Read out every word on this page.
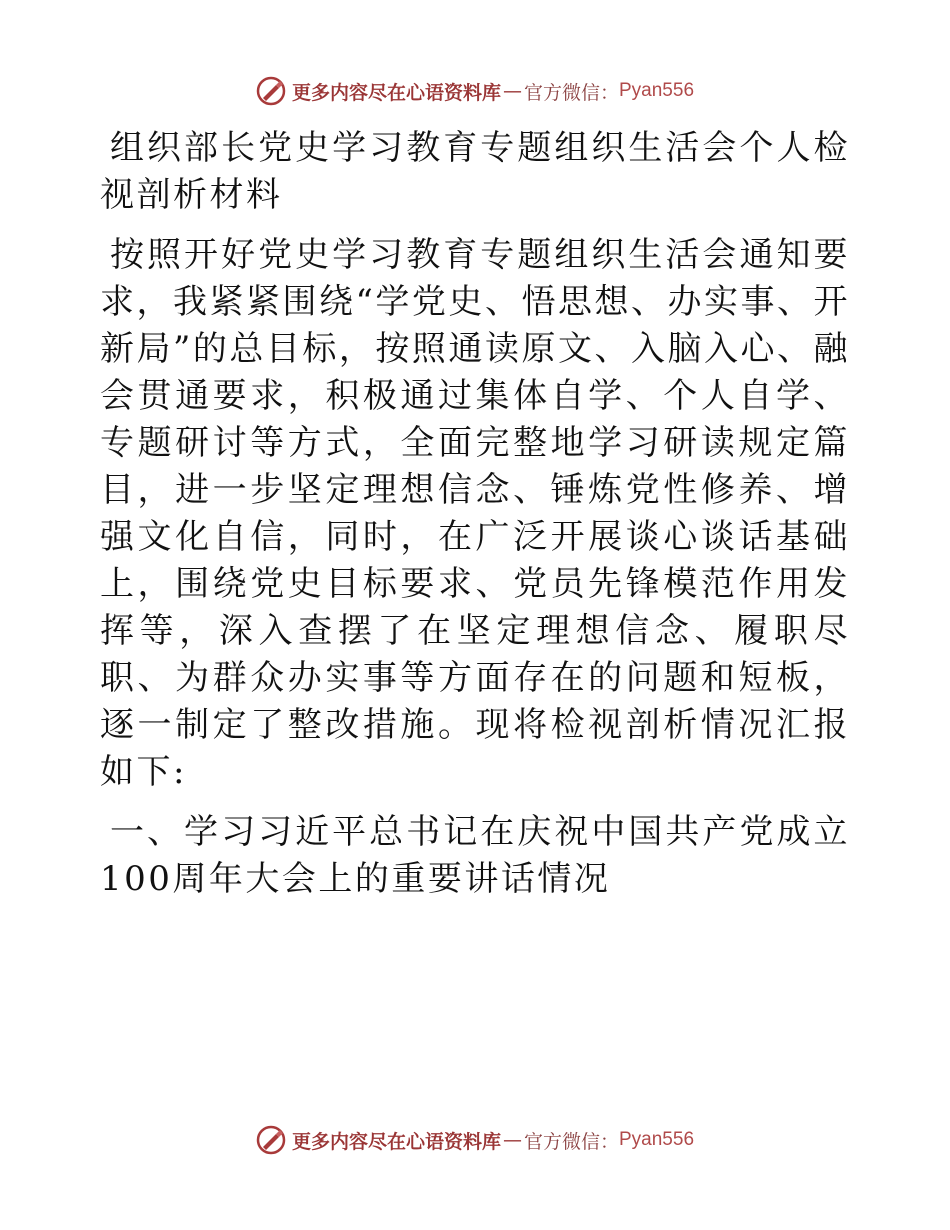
更多内容尽在心语资料库 — 官方微信： Pyan556

组织部长党史学习教育专题组织生活会个人检视剖析材料

按照开好党史学习教育专题组织生活会通知要求，我紧紧围绕“学党史、悟思想、办实事、开新局”的总目标，按照通读原文、入脑入心、融会贯通要求，积极通过集体自学、个人自学、专题研讨等方式，全面完整地学习研读规定篇目，进一步坚定理想信念、锤炼党性修养、增强文化自信，同时，在广泛开展谈心谈话基础上，围绕党史目标要求、党员先锋模范作用发挥等，深入查摆了在坚定理想信念、履职尽职、为群众办实事等方面存在的问题和短板，逐一制定了整改措施。现将检视剖析情况汇报如下:

一、学习习近平总书记在庆祝中国共产党成立100周年大会上的重要讲话情况

更多内容尽在心语资料库 — 官方微信： Pyan556
